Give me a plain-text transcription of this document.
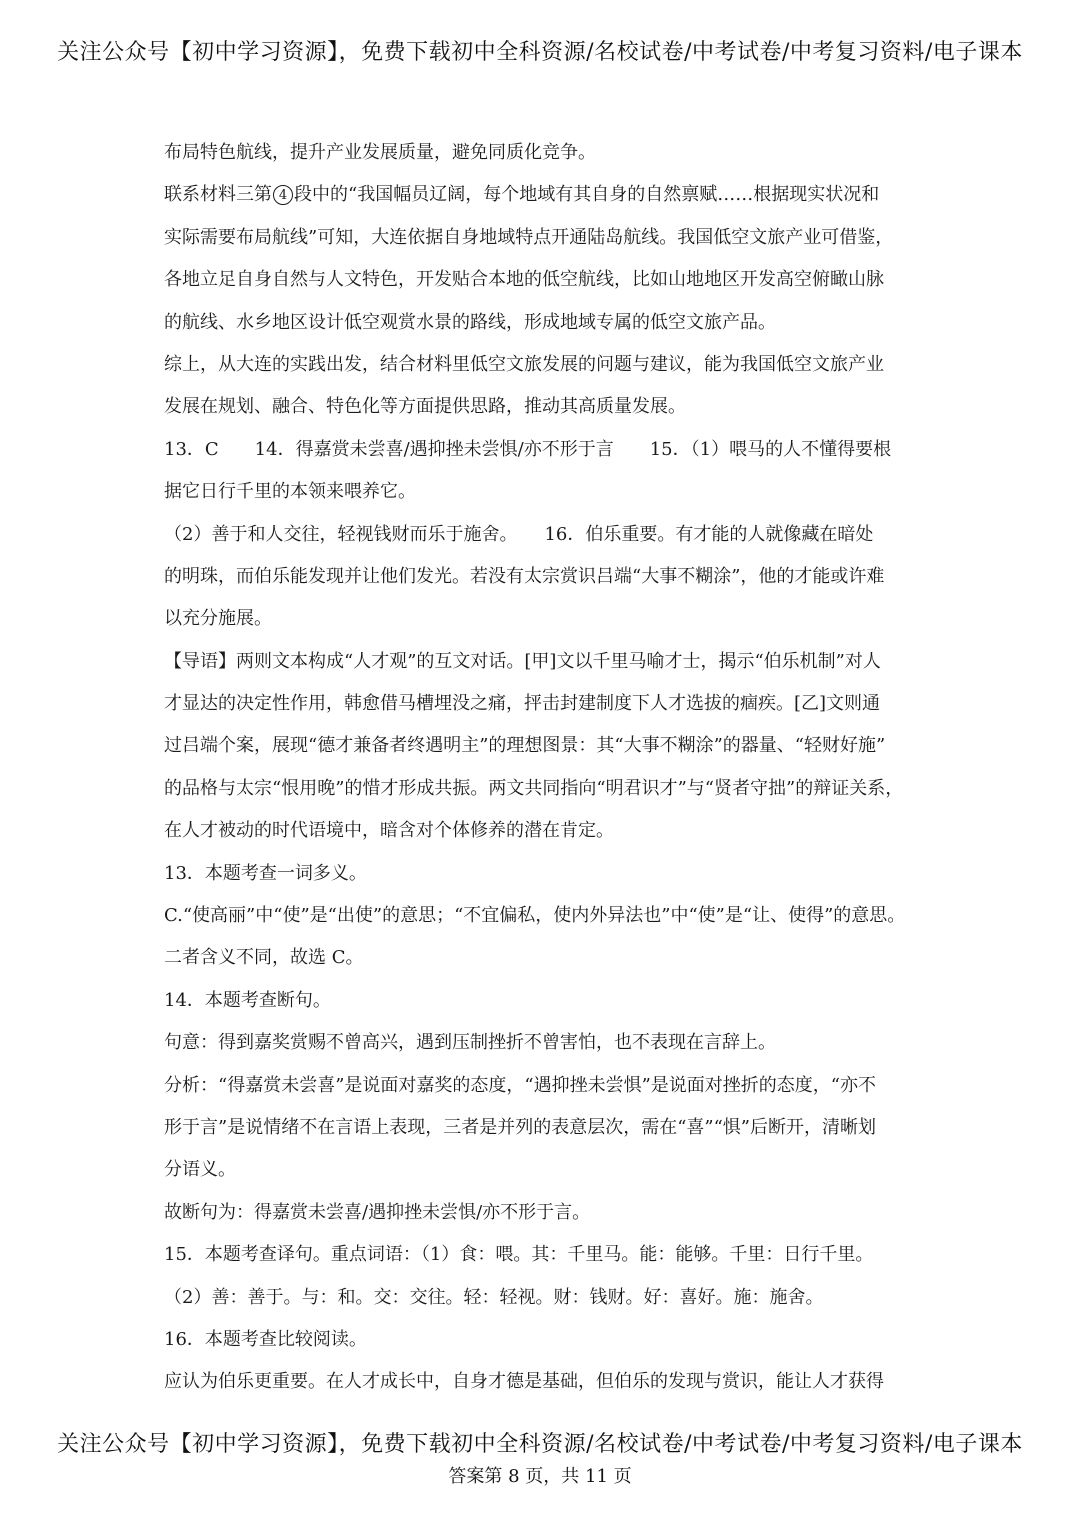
关注公众号【初中学习资源】，免费下载初中全科资源/名校试卷/中考试卷/中考复习资料/电子课本
布局特色航线，提升产业发展质量，避免同质化竞争。
联系材料三第 4 段中的“我国幅员辽阔，每个地域有其自身的自然禀赋……根据现实状况和
实际需要布局航线”可知，大连依据自身地域特点开通陆岛航线。我国低空文旅产业可借鉴，
各地立足自身自然与人文特色，开发贴合本地的低空航线，比如山地地区开发高空俯瞰山脉
的航线、水乡地区设计低空观赏水景的路线，形成地域专属的低空文旅产品。
综上，从大连的实践出发，结合材料里低空文旅发展的问题与建议，能为我国低空文旅产业
发展在规划、融合、特色化等方面提供思路，推动其高质量发展。
13．C　　14．得嘉赏未尝喜/遇抑挫未尝惧/亦不形于言　　15．（1）喂马的人不懂得要根
据它日行千里的本领来喂养它。
（2）善于和人交往，轻视钱财而乐于施舍。　　16．伯乐重要。有才能的人就像藏在暗处
的明珠，而伯乐能发现并让他们发光。若没有太宗赏识吕端“大事不糊涂”，他的才能或许难
以充分施展。
【导语】两则文本构成“人才观”的互文对话。[甲]文以千里马喻才士，揭示“伯乐机制”对人
才显达的决定性作用，韩愈借马槽埋没之痛，抨击封建制度下人才选拔的痼疾。[乙]文则通
过吕端个案，展现“德才兼备者终遇明主”的理想图景：其“大事不糊涂”的器量、“轻财好施”
的品格与太宗“恨用晚”的惜才形成共振。两文共同指向“明君识才”与“贤者守拙”的辩证关系，
在人才被动的时代语境中，暗含对个体修养的潜在肯定。
13．本题考查一词多义。
C.“使高丽”中“使”是“出使”的意思；“不宜偏私，使内外异法也”中“使”是“让、使得”的意思。
二者含义不同，故选 C。
14．本题考查断句。
句意：得到嘉奖赏赐不曾高兴，遇到压制挫折不曾害怕，也不表现在言辞上。
分析：“得嘉赏未尝喜”是说面对嘉奖的态度，“遇抑挫未尝惧”是说面对挫折的态度，“亦不
形于言”是说情绪不在言语上表现，三者是并列的表意层次，需在“喜”“惧”后断开，清晰划
分语义。
故断句为：得嘉赏未尝喜/遇抑挫未尝惧/亦不形于言。
15．本题考查译句。重点词语：（1）食：喂。其：千里马。能：能够。千里：日行千里。
（2）善：善于。与：和。交：交往。轻：轻视。财：钱财。好：喜好。施：施舍。
16．本题考查比较阅读。
应认为伯乐更重要。在人才成长中，自身才德是基础，但伯乐的发现与赏识，能让人才获得
关注公众号【初中学习资源】，免费下载初中全科资源/名校试卷/中考试卷/中考复习资料/电子课本
答案第 8 页，共 11 页
